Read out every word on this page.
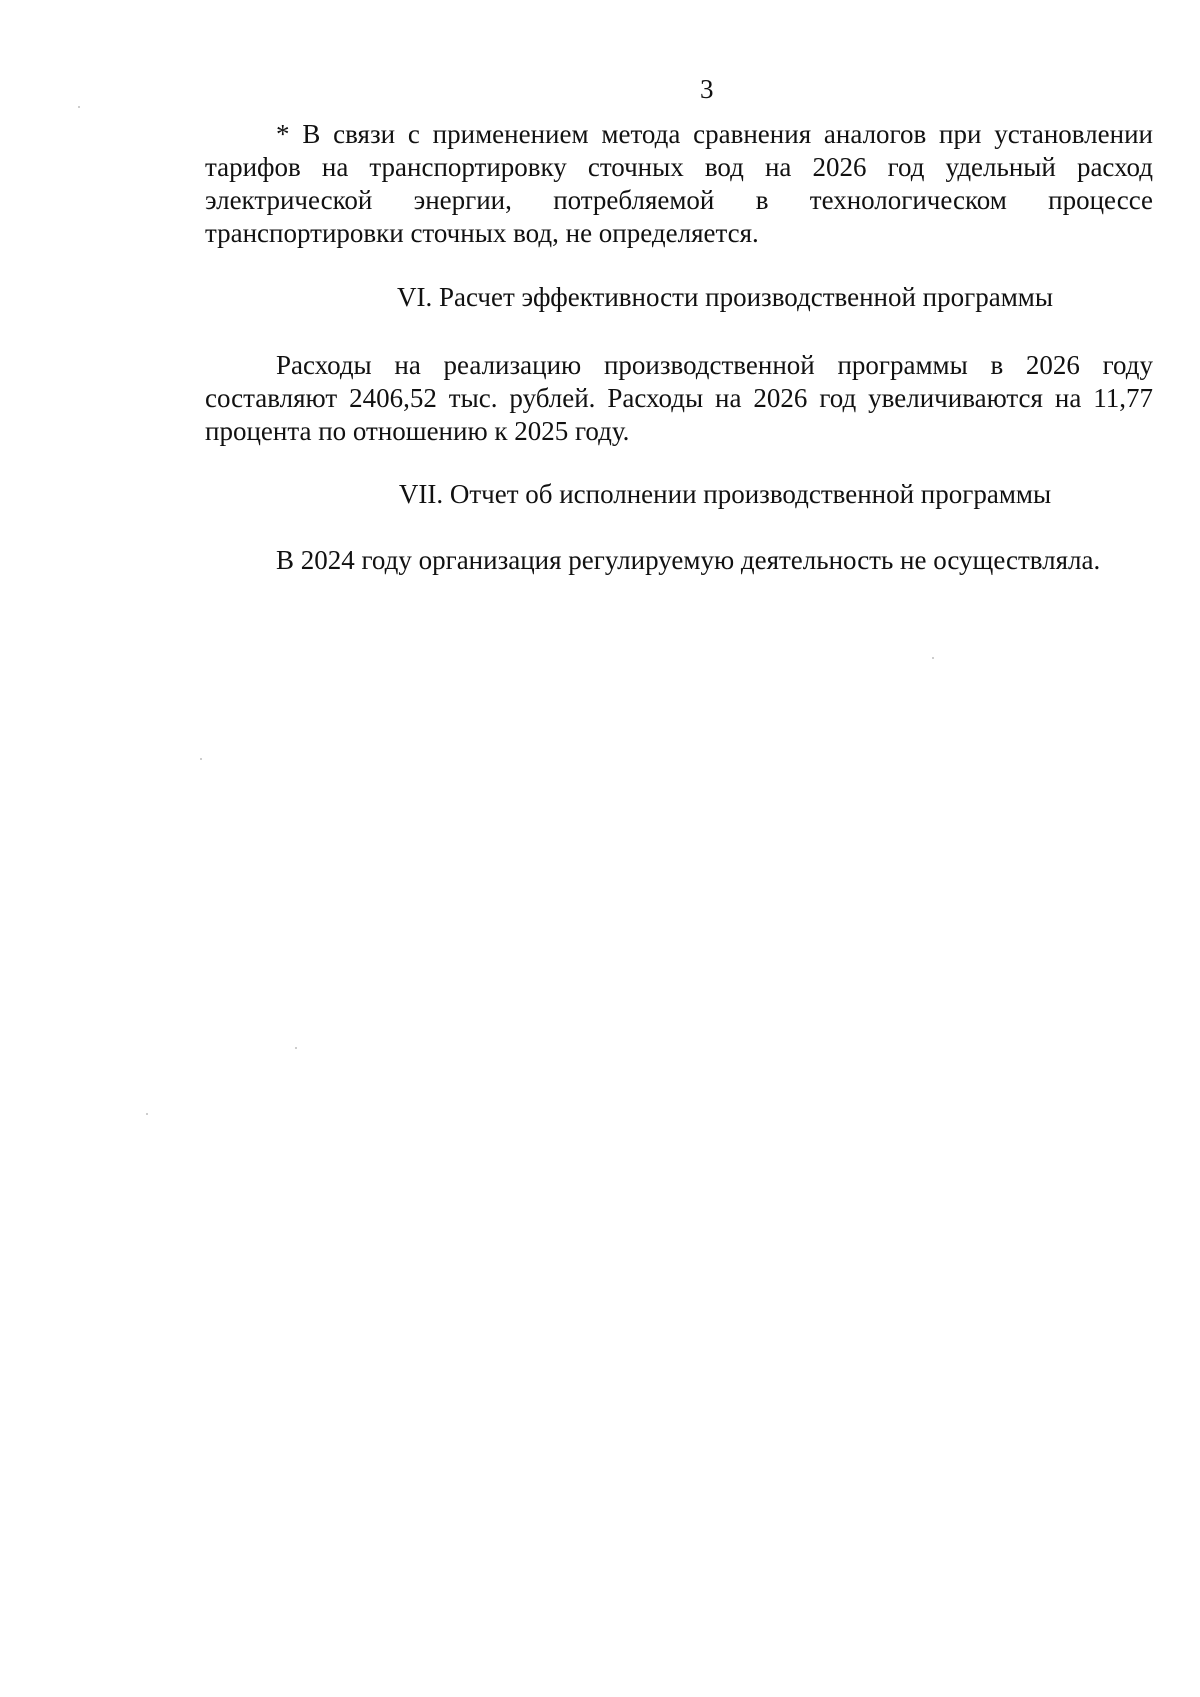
3

* В связи с применением метода сравнения аналогов при установлении тарифов на транспортировку сточных вод на 2026 год удельный расход электрической энергии, потребляемой в технологическом процессе транспортировки сточных вод, не определяется.

VI. Расчет эффективности производственной программы

Расходы на реализацию производственной программы в 2026 году составляют 2406,52 тыс. рублей. Расходы на 2026 год увеличиваются на 11,77 процента по отношению к 2025 году.

VII. Отчет об исполнении производственной программы

В 2024 году организация регулируемую деятельность не осуществляла.
